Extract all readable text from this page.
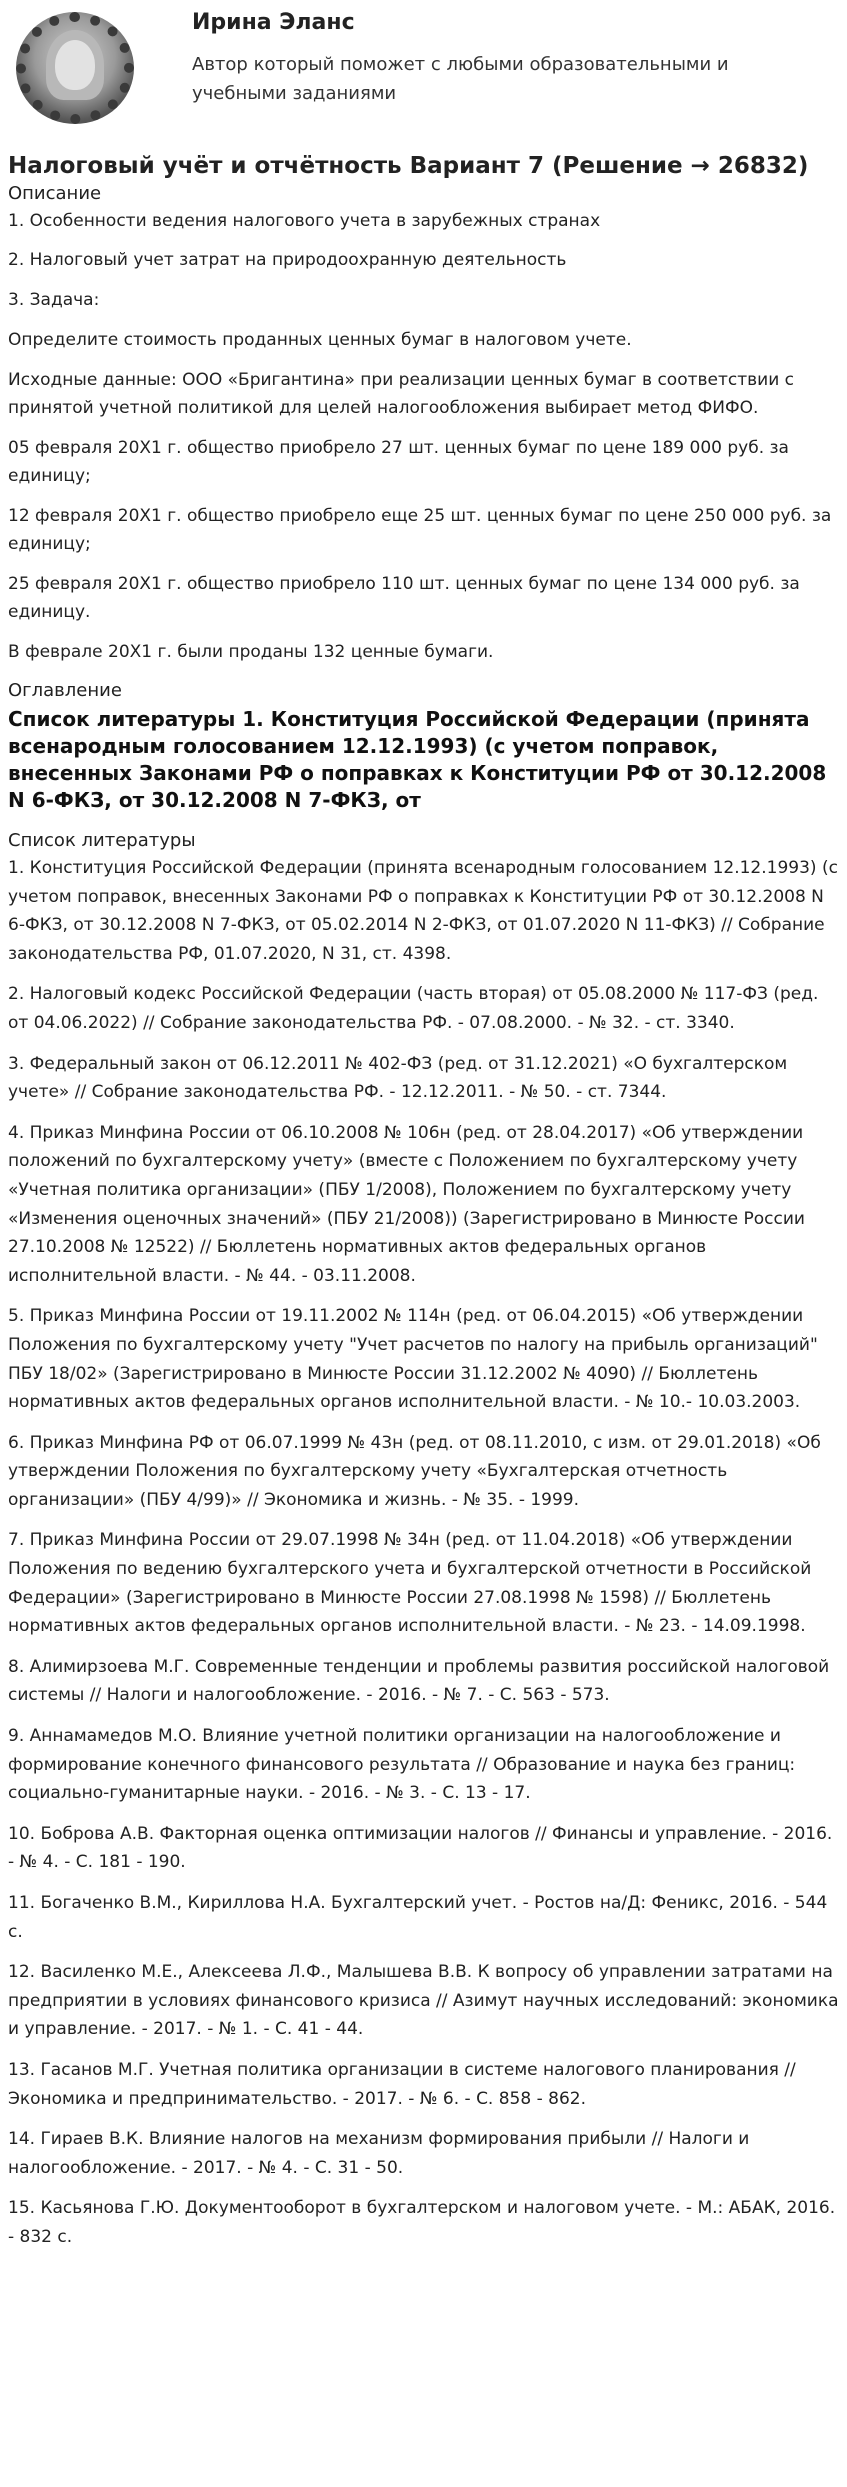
Ирина Эланс
Автор который поможет с любыми образовательными и учебными заданиями
Налоговый учёт и отчётность Вариант 7 (Решение → 26832)
Описание

1. Особенности ведения налогового учета в зарубежных странах

2. Налоговый учет затрат на природоохранную деятельность

3. Задача:

Определите стоимость проданных ценных бумаг в налоговом учете.

Исходные данные: ООО «Бригантина» при реализации ценных бумаг в соответствии с принятой учетной политикой для целей налогообложения выбирает метод ФИФО.

05 февраля 20Х1 г. общество приобрело 27 шт. ценных бумаг по цене 189 000 руб. за единицу;

12 февраля 20Х1 г. общество приобрело еще 25 шт. ценных бумаг по цене 250 000 руб. за единицу;

25 февраля 20Х1 г. общество приобрело 110 шт. ценных бумаг по цене 134 000 руб. за единицу.

В феврале 20Х1 г. были проданы 132 ценные бумаги.

Оглавление
Список литературы 1. Конституция Российской Федерации (принята всенародным голосованием 12.12.1993) (с учетом поправок, внесенных Законами РФ о поправках к Конституции РФ от 30.12.2008 N 6-ФКЗ, от 30.12.2008 N 7-ФКЗ, от
Список литературы

1. Конституция Российской Федерации (принята всенародным голосованием 12.12.1993) (с учетом поправок, внесенных Законами РФ о поправках к Конституции РФ от 30.12.2008 N 6-ФКЗ, от 30.12.2008 N 7-ФКЗ, от 05.02.2014 N 2-ФКЗ, от 01.07.2020 N 11-ФКЗ) // Собрание законодательства РФ, 01.07.2020, N 31, ст. 4398.

2. Налоговый кодекс Российской Федерации (часть вторая) от 05.08.2000 № 117-ФЗ (ред. от 04.06.2022) // Собрание законодательства РФ. - 07.08.2000. - № 32. - ст. 3340.

3. Федеральный закон от 06.12.2011 № 402-ФЗ (ред. от 31.12.2021) «О бухгалтерском учете» // Собрание законодательства РФ. - 12.12.2011. - № 50. - ст. 7344.

4. Приказ Минфина России от 06.10.2008 № 106н (ред. от 28.04.2017) «Об утверждении положений по бухгалтерскому учету» (вместе с Положением по бухгалтерскому учету «Учетная политика организации» (ПБУ 1/2008), Положением по бухгалтерскому учету «Изменения оценочных значений» (ПБУ 21/2008)) (Зарегистрировано в Минюсте России 27.10.2008 № 12522) // Бюллетень нормативных актов федеральных органов исполнительной власти. - № 44. - 03.11.2008.

5. Приказ Минфина России от 19.11.2002 № 114н (ред. от 06.04.2015) «Об утверждении Положения по бухгалтерскому учету "Учет расчетов по налогу на прибыль организаций" ПБУ 18/02» (Зарегистрировано в Минюсте России 31.12.2002 № 4090) // Бюллетень нормативных актов федеральных органов исполнительной власти. - № 10.- 10.03.2003.

6. Приказ Минфина РФ от 06.07.1999 № 43н (ред. от 08.11.2010, с изм. от 29.01.2018) «Об утверждении Положения по бухгалтерскому учету «Бухгалтерская отчетность организации» (ПБУ 4/99)» // Экономика и жизнь. - № 35. - 1999.

7. Приказ Минфина России от 29.07.1998 № 34н (ред. от 11.04.2018) «Об утверждении Положения по ведению бухгалтерского учета и бухгалтерской отчетности в Российской Федерации» (Зарегистрировано в Минюсте России 27.08.1998 № 1598) // Бюллетень нормативных актов федеральных органов исполнительной власти. - № 23. - 14.09.1998.

8. Алимирзоева М.Г. Современные тенденции и проблемы развития российской налоговой системы // Налоги и налогообложение. - 2016. - № 7. - С. 563 - 573.

9. Аннамамедов М.О. Влияние учетной политики организации на налогообложение и формирование конечного финансового результата // Образование и наука без границ: социально-гуманитарные науки. - 2016. - № 3. - С. 13 - 17.

10. Боброва А.В. Факторная оценка оптимизации налогов // Финансы и управление. - 2016. - № 4. - С. 181 - 190.

11. Богаченко В.М., Кириллова Н.А. Бухгалтерский учет. - Ростов на/Д: Феникс, 2016. - 544 с.

12. Василенко М.Е., Алексеева Л.Ф., Малышева В.В. К вопросу об управлении затратами на предприятии в условиях финансового кризиса // Азимут научных исследований: экономика и управление. - 2017. - № 1. - С. 41 - 44.

13. Гасанов М.Г. Учетная политика организации в системе налогового планирования // Экономика и предпринимательство. - 2017. - № 6. - С. 858 - 862.

14. Гираев В.К. Влияние налогов на механизм формирования прибыли // Налоги и налогообложение. - 2017. - № 4. - С. 31 - 50.

15. Касьянова Г.Ю. Документооборот в бухгалтерском и налоговом учете. - М.: АБАК, 2016. - 832 с.
